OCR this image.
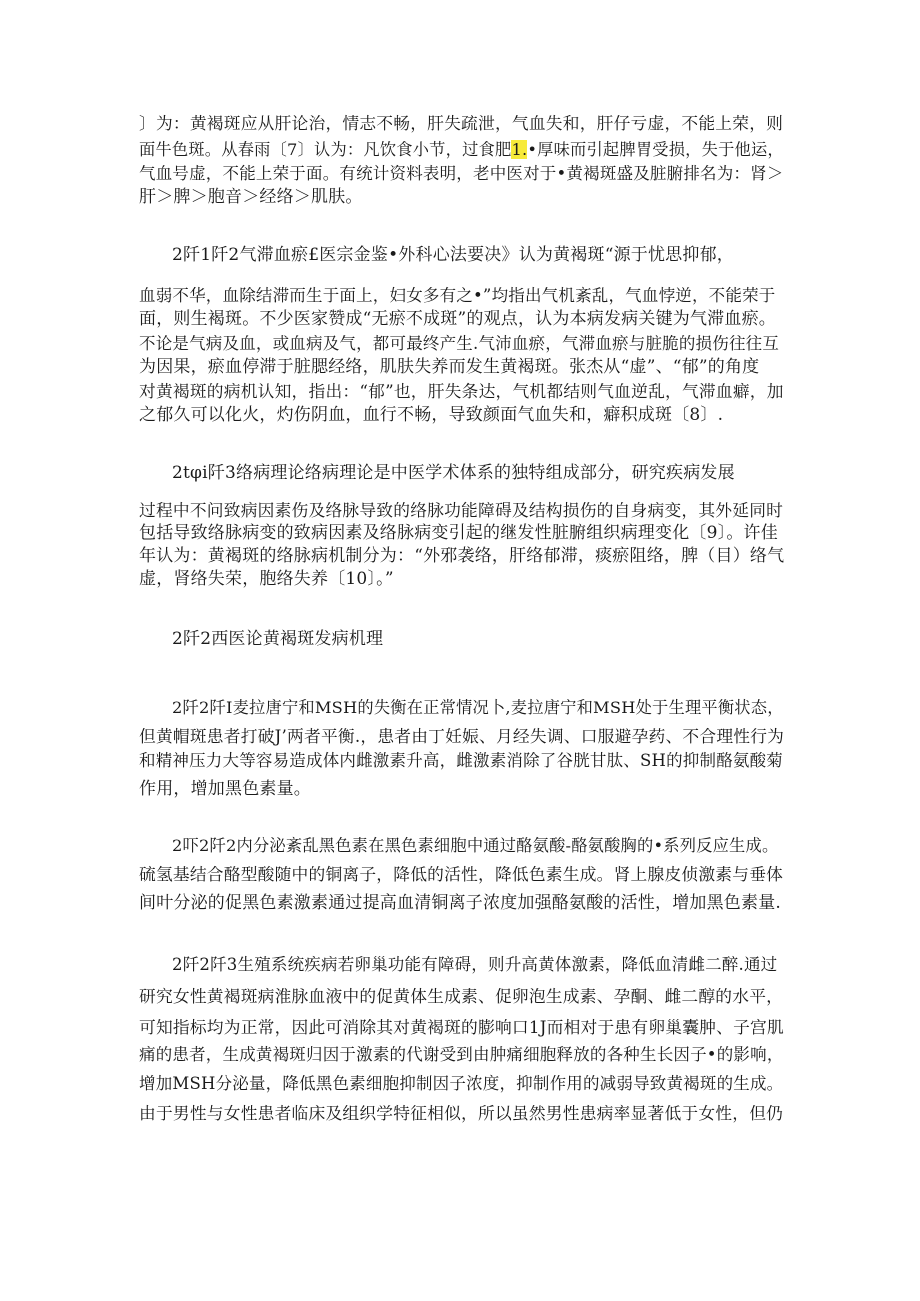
〕为：黄褐斑应从肝论治，情志不畅，肝失疏泄，气血失和，肝仔亏虚，不能上荣，则
面牛色斑。从春雨〔7〕认为：凡饮食小节，过食肥1.•厚味而引起脾胃受损，失于他运，
气血号虚，不能上荣于面。有统计资料表明，老中医对于•黄褐斑盛及脏腑排名为：肾＞
肝＞脾＞胞音＞经络＞肌肤。
2阡1阡2气滞血瘀£医宗金鉴•外科心法要决》认为黄褐斑“源于忧思抑郁，
血弱不华，血除结滞而生于面上，妇女多有之•”均指出气机紊乱，气血悖逆，不能荣于
面，则生褐斑。不少医家赞成“无瘀不成斑”的观点，认为本病发病关键为气滞血瘀。
不论是气病及血，或血病及气，都可最终产生.气沛血瘀，气滞血瘀与脏脆的损伤往往互
为因果，瘀血停滞于脏腮经络，肌肤失养而发生黄褐斑。张杰从“虚”、“郁”的角度
对黄褐斑的病机认知，指出：“郁”也，肝失条达，气机都结则气血逆乱，气滞血癖，加
之郁久可以化火，灼伤阴血，血行不畅，导致颜面气血失和，癖积成斑〔8〕.
2tφi阡3络病理论络病理论是中医学术体系的独特组成部分，研究疾病发展
过程中不问致病因素伤及络脉导致的络脉功能障碍及结构损伤的自身病变，其外延同时
包括导致络脉病变的致病因素及络脉病变引起的继发性脏腑组织病理变化〔9〕。许佳
年认为：黄褐斑的络脉病机制分为：“外邪袭络，肝络郁滞，痰瘀阻络，脾（目）络气
虚，肾络失荣，胞络失养〔10〕。”
2阡2西医论黄褐斑发病机理
2阡2阡I麦拉唐宁和MSH的失衡在正常情况卜,麦拉唐宁和MSH处于生理平衡状态，
但黄帽斑患者打破J’两者平衡.，患者由丁妊娠、月经失调、口服避孕药、不合理性行为
和精神压力大等容易造成体内雌激素升高，雌激素消除了谷胱甘肽、SH的抑制酪氨酸菊
作用，增加黑色素量。
2吓2阡2内分泌紊乱黑色素在黑色素细胞中通过酪氨酸-酪氨酸胸的•系列反应生成。
硫氢基结合酪型酸随中的铜离子，降低的活性，降低色素生成。肾上腺皮侦激素与垂体
间叶分泌的促黑色素激素通过提高血清铜离子浓度加强酪氨酸的活性，增加黑色素量.
2阡2阡3生殖系统疾病若卵巢功能有障碍，则升高黄体激素，降低血清雌二醉.通过
研究女性黄褐斑病淮脉血液中的促黄体生成素、促卵泡生成素、孕酮、雌二醇的水平，
可知指标均为正常，因此可消除其对黄褐斑的膨响口1J而相对于患有卵巢囊肿、子宫肌
痛的患者，生成黄褐斑归因于激素的代谢受到由肿痛细胞释放的各种生长因子•的影响，
增加MSH分泌量，降低黑色素细胞抑制因子浓度，抑制作用的减弱导致黄褐斑的生成。
由于男性与女性患者临床及组织学特征相似，所以虽然男性患病率显著低于女性，但仍
